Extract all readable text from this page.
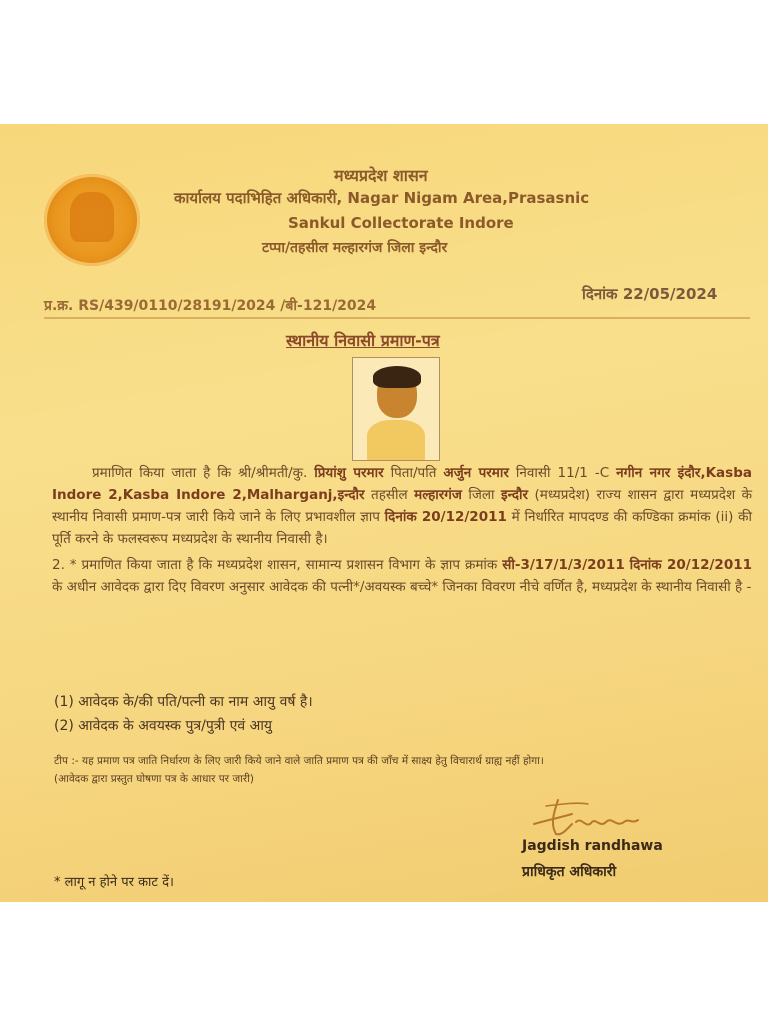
मध्यप्रदेश शासन
कार्यालय पदाभिहित अधिकारी, Nagar Nigam Area,Prasasnic
Sankul Collectorate Indore
टप्पा/तहसील मल्हारगंज जिला इन्दौर
प्र.क्र. RS/439/0110/28191/2024 /बी-121/2024
दिनांक 22/05/2024
स्थानीय निवासी प्रमाण-पत्र

प्रमाणित किया जाता है कि श्री/श्रीमती/कु. प्रियांशु परमार पिता/पति अर्जुन परमार निवासी 11/1 -C नगीन नगर इंदौर,Kasba Indore 2,Kasba Indore 2,Malharganj,इन्दौर तहसील मल्हारगंज जिला इन्दौर (मध्यप्रदेश) राज्य शासन द्वारा मध्यप्रदेश के स्थानीय निवासी प्रमाण-पत्र जारी किये जाने के लिए प्रभावशील ज्ञाप दिनांक 20/12/2011 में निर्धारित मापदण्ड की कण्डिका क्रमांक (ii) की पूर्ति करने के फलस्वरूप मध्यप्रदेश के स्थानीय निवासी है।

2. * प्रमाणित किया जाता है कि मध्यप्रदेश शासन, सामान्य प्रशासन विभाग के ज्ञाप क्रमांक सी-3/17/1/3/2011 दिनांक 20/12/2011 के अधीन आवेदक द्वारा दिए विवरण अनुसार आवेदक की पत्नी*/अवयस्क बच्चे* जिनका विवरण नीचे वर्णित है, मध्यप्रदेश के स्थानीय निवासी है -

(1) आवेदक के/की पति/पत्नी का नाम आयु वर्ष है।
(2) आवेदक के अवयस्क पुत्र/पुत्री एवं आयु
टीप :- यह प्रमाण पत्र जाति निर्धारण के लिए जारी किये जाने वाले जाति प्रमाण पत्र की जाँच में साक्ष्य हेतु विचारार्थ ग्राह्य नहीं होगा।
(आवेदक द्वारा प्रस्तुत घोषणा पत्र के आधार पर जारी)
Jagdish randhawa
प्राधिकृत अधिकारी
* लागू न होने पर काट दें।
